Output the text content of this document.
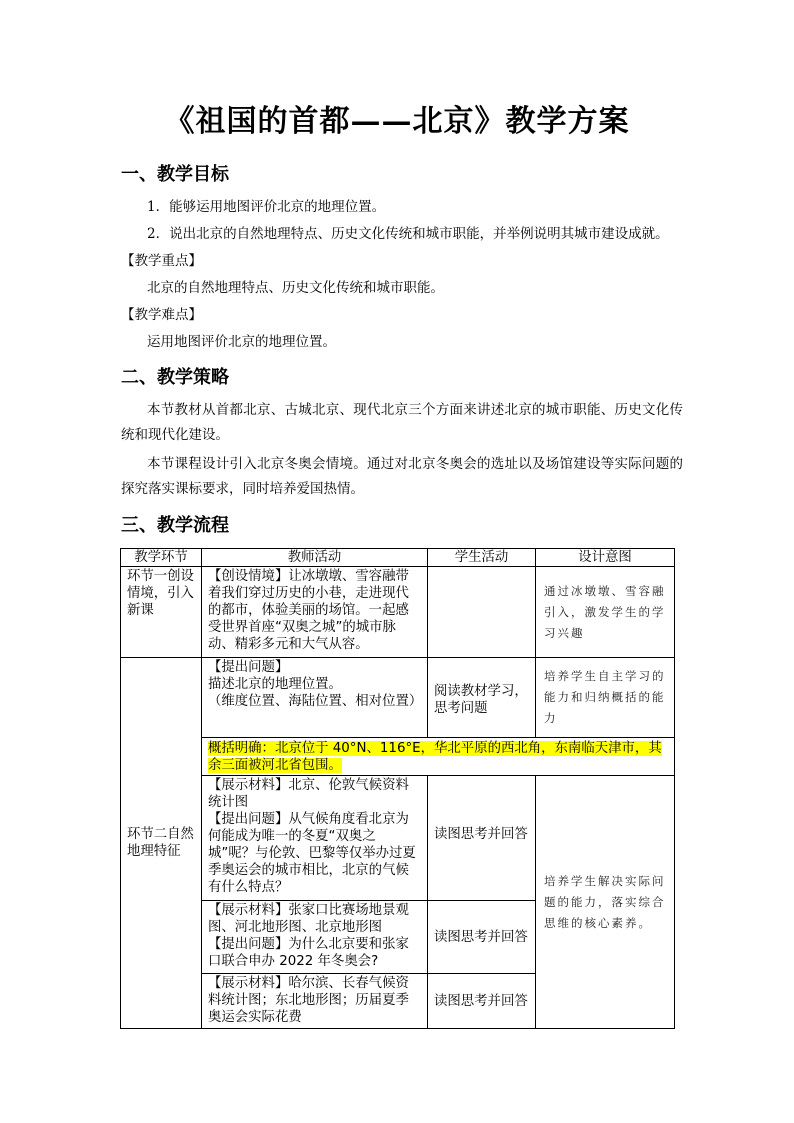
《祖国的首都——北京》教学方案
一、教学目标
1．能够运用地图评价北京的地理位置。
2．说出北京的自然地理特点、历史文化传统和城市职能，并举例说明其城市建设成就。
【教学重点】
北京的自然地理特点、历史文化传统和城市职能。
【教学难点】
运用地图评价北京的地理位置。
二、教学策略
本节教材从首都北京、古城北京、现代北京三个方面来讲述北京的城市职能、历史文化传统和现代化建设。
本节课程设计引入北京冬奥会情境。通过对北京冬奥会的选址以及场馆建设等实际问题的探究落实课标要求，同时培养爱国热情。
三、教学流程
教学环节	教师活动	学生活动	设计意图
环节一创设情境，引入新课	【创设情境】让冰墩墩、雪容融带着我们穿过历史的小巷，走进现代的都市，体验美丽的场馆。一起感受世界首座“双奥之城”的城市脉动、精彩多元和大气从容。		通过冰墩墩、雪容融引入，激发学生的学习兴趣
环节二自然地理特征	【提出问题】
描述北京的地理位置。
（维度位置、海陆位置、相对位置）	阅读教材学习，思考问题	培养学生自主学习的能力和归纳概括的能力
	概括明确：北京位于 40°N、116°E，华北平原的西北角，东南临天津市，其余三面被河北省包围。		
	【展示材料】北京、伦敦气候资料统计图
【提出问题】从气候角度看北京为何能成为唯一的冬夏“双奥之城”呢？与伦敦、巴黎等仅举办过夏季奥运会的城市相比，北京的气候有什么特点？	读图思考并回答	培养学生解决实际问题的能力，落实综合思维的核心素养。
	【展示材料】张家口比赛场地景观图、河北地形图、北京地形图
【提出问题】为什么北京要和张家口联合申办 2022 年冬奥会?	读图思考并回答	
	【展示材料】哈尔滨、长春气候资料统计图；东北地形图；历届夏季奥运会实际花费	读图思考并回答	
